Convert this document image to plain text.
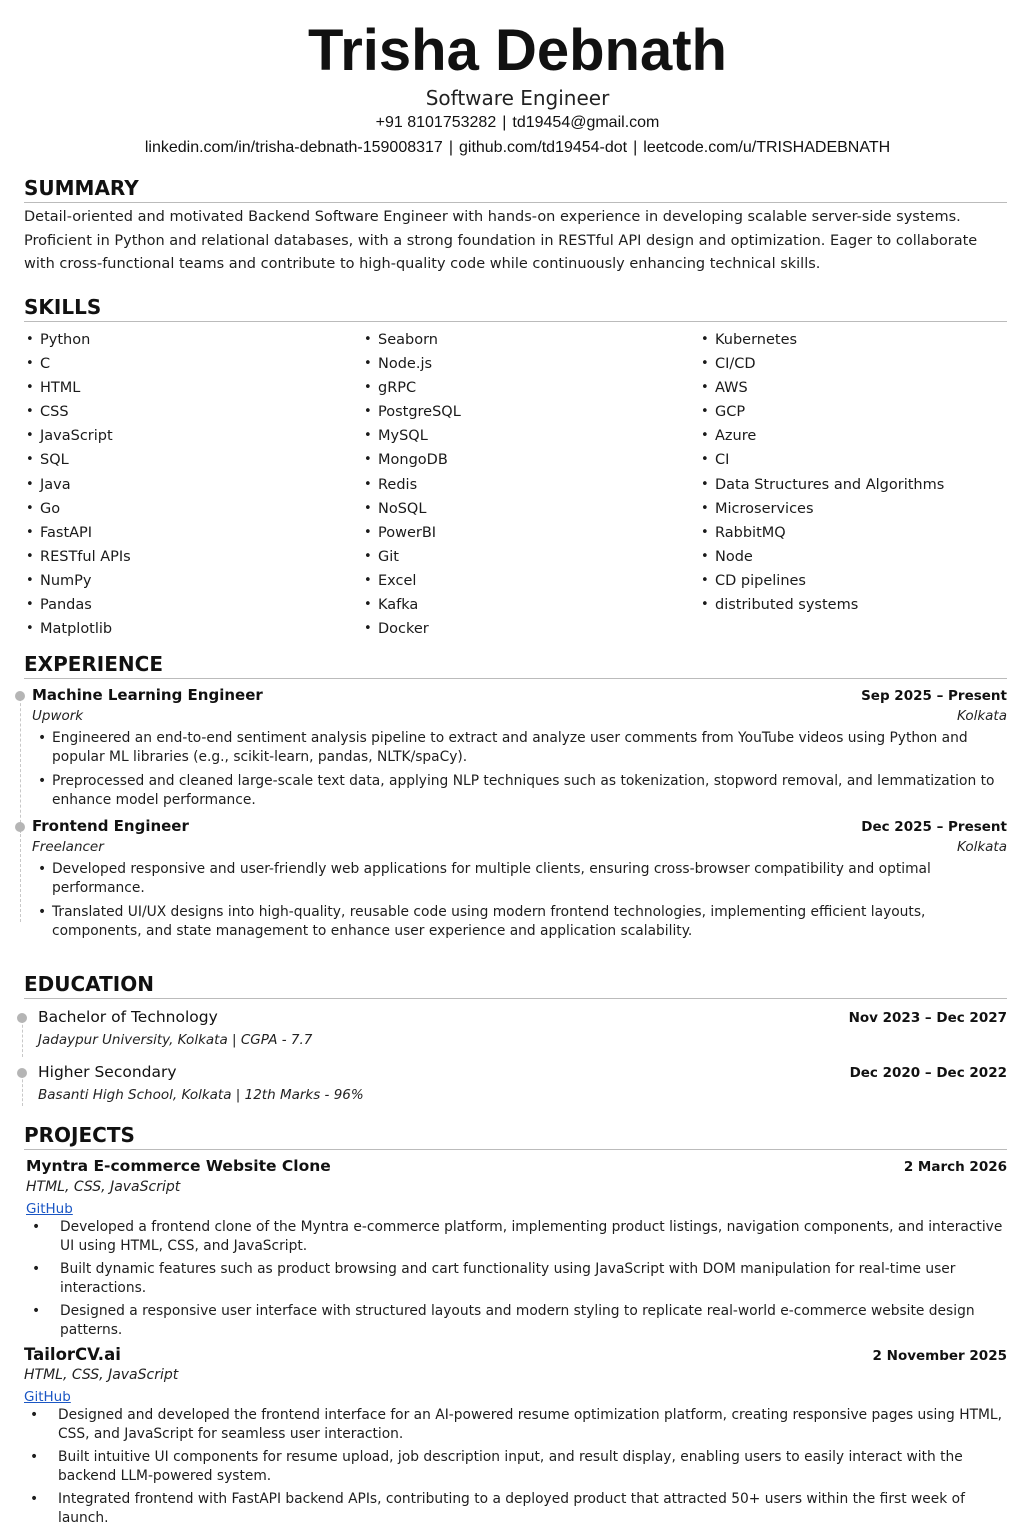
Trisha Debnath
Software Engineer
+91 8101753282 | td19454@gmail.com
linkedin.com/in/trisha-debnath-159008317 | github.com/td19454-dot | leetcode.com/u/TRISHADEBNATH
SUMMARY

Detail-oriented and motivated Backend Software Engineer with hands-on experience in developing scalable server-side systems. Proficient in Python and relational databases, with a strong foundation in RESTful API design and optimization. Eager to collaborate with cross-functional teams and contribute to high-quality code while continuously enhancing technical skills.

SKILLS
• Python
• C
• HTML
• CSS
• JavaScript
• SQL
• Java
• Go
• FastAPI
• RESTful APIs
• NumPy
• Pandas
• Matplotlib
• Seaborn
• Node.js
• gRPC
• PostgreSQL
• MySQL
• MongoDB
• Redis
• NoSQL
• PowerBI
• Git
• Excel
• Kafka
• Docker
• Kubernetes
• CI/CD
• AWS
• GCP
• Azure
• CI
• Data Structures and Algorithms
• Microservices
• RabbitMQ
• Node
• CD pipelines
• distributed systems
EXPERIENCE
Machine Learning Engineer	Sep 2025 – Present
Upwork	Kolkata
• Engineered an end-to-end sentiment analysis pipeline to extract and analyze user comments from YouTube videos using Python and popular ML libraries (e.g., scikit-learn, pandas, NLTK/spaCy).
• Preprocessed and cleaned large-scale text data, applying NLP techniques such as tokenization, stopword removal, and lemmatization to enhance model performance.
Frontend Engineer	Dec 2025 – Present
Freelancer	Kolkata
• Developed responsive and user-friendly web applications for multiple clients, ensuring cross-browser compatibility and optimal performance.
• Translated UI/UX designs into high-quality, reusable code using modern frontend technologies, implementing efficient layouts, components, and state management to enhance user experience and application scalability.
EDUCATION
Bachelor of Technology	Nov 2023 – Dec 2027
Jadaypur University, Kolkata | CGPA - 7.7
Higher Secondary	Dec 2020 – Dec 2022
Basanti High School, Kolkata | 12th Marks - 96%
PROJECTS
Myntra E-commerce Website Clone	2 March 2026
HTML, CSS, JavaScript
GitHub
• Developed a frontend clone of the Myntra e-commerce platform, implementing product listings, navigation components, and interactive UI using HTML, CSS, and JavaScript.
• Built dynamic features such as product browsing and cart functionality using JavaScript with DOM manipulation for real-time user interactions.
• Designed a responsive user interface with structured layouts and modern styling to replicate real-world e-commerce website design patterns.
TailorCV.ai	2 November 2025
HTML, CSS, JavaScript
GitHub
• Designed and developed the frontend interface for an AI-powered resume optimization platform, creating responsive pages using HTML, CSS, and JavaScript for seamless user interaction.
• Built intuitive UI components for resume upload, job description input, and result display, enabling users to easily interact with the backend LLM-powered system.
• Integrated frontend with FastAPI backend APIs, contributing to a deployed product that attracted 50+ users within the first week of launch.
